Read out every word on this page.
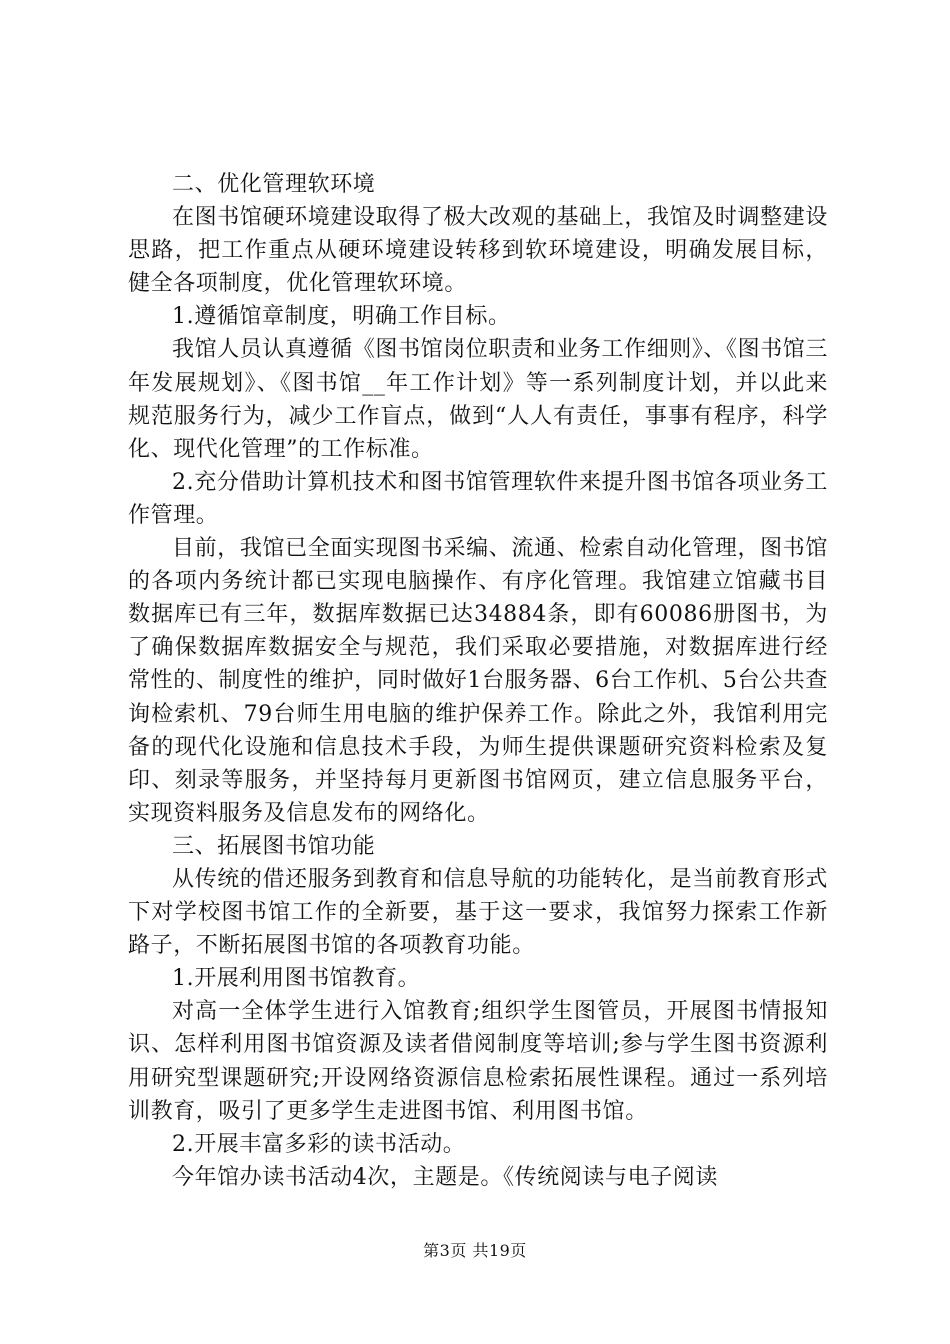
二、优化管理软环境

在图书馆硬环境建设取得了极大改观的基础上，我馆及时调整建设思路，把工作重点从硬环境建设转移到软环境建设，明确发展目标，健全各项制度，优化管理软环境。

1.遵循馆章制度，明确工作目标。

我馆人员认真遵循《图书馆岗位职责和业务工作细则》、《图书馆三年发展规划》、《图书馆__年工作计划》等一系列制度计划，并以此来规范服务行为，减少工作盲点，做到“人人有责任，事事有程序，科学化、现代化管理”的工作标准。

2.充分借助计算机技术和图书馆管理软件来提升图书馆各项业务工作管理。

目前，我馆已全面实现图书采编、流通、检索自动化管理，图书馆的各项内务统计都已实现电脑操作、有序化管理。我馆建立馆藏书目数据库已有三年，数据库数据已达34884条，即有60086册图书，为了确保数据库数据安全与规范，我们采取必要措施，对数据库进行经常性的、制度性的维护，同时做好1台服务器、6台工作机、5台公共查询检索机、79台师生用电脑的维护保养工作。除此之外，我馆利用完备的现代化设施和信息技术手段，为师生提供课题研究资料检索及复印、刻录等服务，并坚持每月更新图书馆网页，建立信息服务平台，实现资料服务及信息发布的网络化。

三、拓展图书馆功能

从传统的借还服务到教育和信息导航的功能转化，是当前教育形式下对学校图书馆工作的全新要，基于这一要求，我馆努力探索工作新路子，不断拓展图书馆的各项教育功能。

1.开展利用图书馆教育。

对高一全体学生进行入馆教育;组织学生图管员，开展图书情报知识、怎样利用图书馆资源及读者借阅制度等培训;参与学生图书资源利用研究型课题研究;开设网络资源信息检索拓展性课程。通过一系列培训教育，吸引了更多学生走进图书馆、利用图书馆。

2.开展丰富多彩的读书活动。

今年馆办读书活动4次，主题是。《传统阅读与电子阅读

第3页 共19页
